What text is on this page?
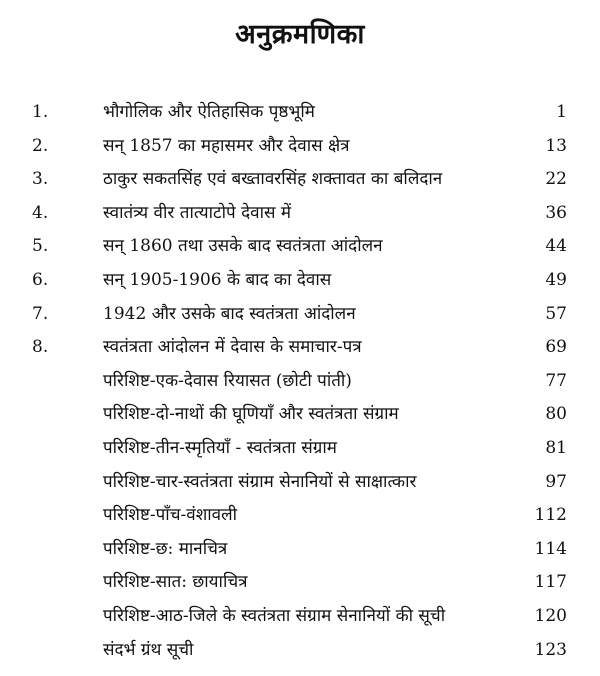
अनुक्रमणिका
1.	भौगोलिक और ऐतिहासिक पृष्ठभूमि	1
2.	सन् 1857 का महासमर और देवास क्षेत्र	13
3.	ठाकुर सकतसिंह एवं बख्तावरसिंह शक्तावत का बलिदान	22
4.	स्वातंत्र्य वीर तात्याटोपे देवास में	36
5.	सन् 1860 तथा उसके बाद स्वतंत्रता आंदोलन	44
6.	सन् 1905-1906 के बाद का देवास	49
7.	1942 और उसके बाद स्वतंत्रता आंदोलन	57
8.	स्वतंत्रता आंदोलन में देवास के समाचार-पत्र	69
परिशिष्ट-एक-देवास रियासत (छोटी पांती)	77
परिशिष्ट-दो-नाथों की घूणियाँ और स्वतंत्रता संग्राम	80
परिशिष्ट-तीन-स्मृतियाँ - स्वतंत्रता संग्राम	81
परिशिष्ट-चार-स्वतंत्रता संग्राम सेनानियों से साक्षात्कार	97
परिशिष्ट-पाँच-वंशावली	112
परिशिष्ट-छ: मानचित्र	114
परिशिष्ट-सात: छायाचित्र	117
परिशिष्ट-आठ-जिले के स्वतंत्रता संग्राम सेनानियों की सूची	120
संदर्भ ग्रंथ सूची	123
